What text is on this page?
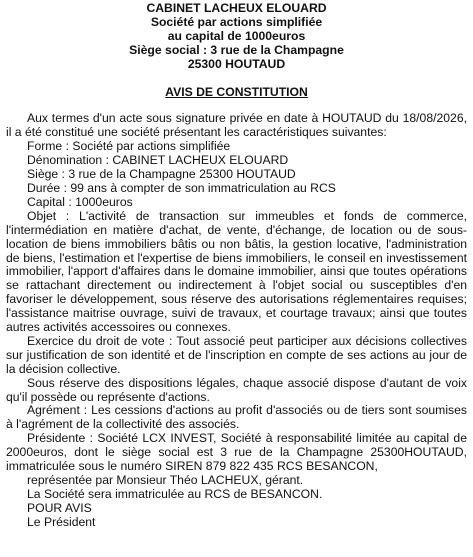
CABINET LACHEUX ELOUARD
Société par actions simplifiée
au capital de 1000euros
Siège social : 3 rue de la Champagne
25300 HOUTAUD
AVIS DE CONSTITUTION

Aux termes d'un acte sous signature privée en date à HOUTAUD du 18/08/2026, il a été constitué une société présentant les caractéristiques suivantes:

Forme : Société par actions simplifiée
Dénomination : CABINET LACHEUX ELOUARD
Siège : 3 rue de la Champagne 25300 HOUTAUD
Durée : 99 ans à compter de son immatriculation au RCS
Capital : 1000euros

Objet : L'activité de transaction sur immeubles et fonds de commerce, l'intermédiation en matière d'achat, de vente, d'échange, de location ou de sous-location de biens immobiliers bâtis ou non bâtis, la gestion locative, l'administration de biens, l'estimation et l'expertise de biens immobiliers, le conseil en investissement immobilier, l'apport d'affaires dans le domaine immobilier, ainsi que toutes opérations se rattachant directement ou indirectement à l'objet social ou susceptibles d'en favoriser le développement, sous réserve des autorisations réglementaires requises; l'assistance maitrise ouvrage, suivi de travaux, et courtage travaux; ainsi que toutes autres activités accessoires ou connexes.

Exercice du droit de vote : Tout associé peut participer aux décisions collectives sur justification de son identité et de l'inscription en compte de ses actions au jour de la décision collective.

Sous réserve des dispositions légales, chaque associé dispose d'autant de voix qu'il possède ou représente d'actions.

Agrément : Les cessions d'actions au profit d'associés ou de tiers sont soumises à l'agrément de la collectivité des associés.

Présidente : Société LCX INVEST, Société à responsabilité limitée au capital de 2000euros, dont le siège social est 3 rue de la Champagne 25300HOUTAUD, immatriculée sous le numéro SIREN 879 822 435 RCS BESANCON,

représentée par Monsieur Théo LACHEUX, gérant.
La Société sera immatriculée au RCS de BESANCON.
POUR AVIS
Le Président
